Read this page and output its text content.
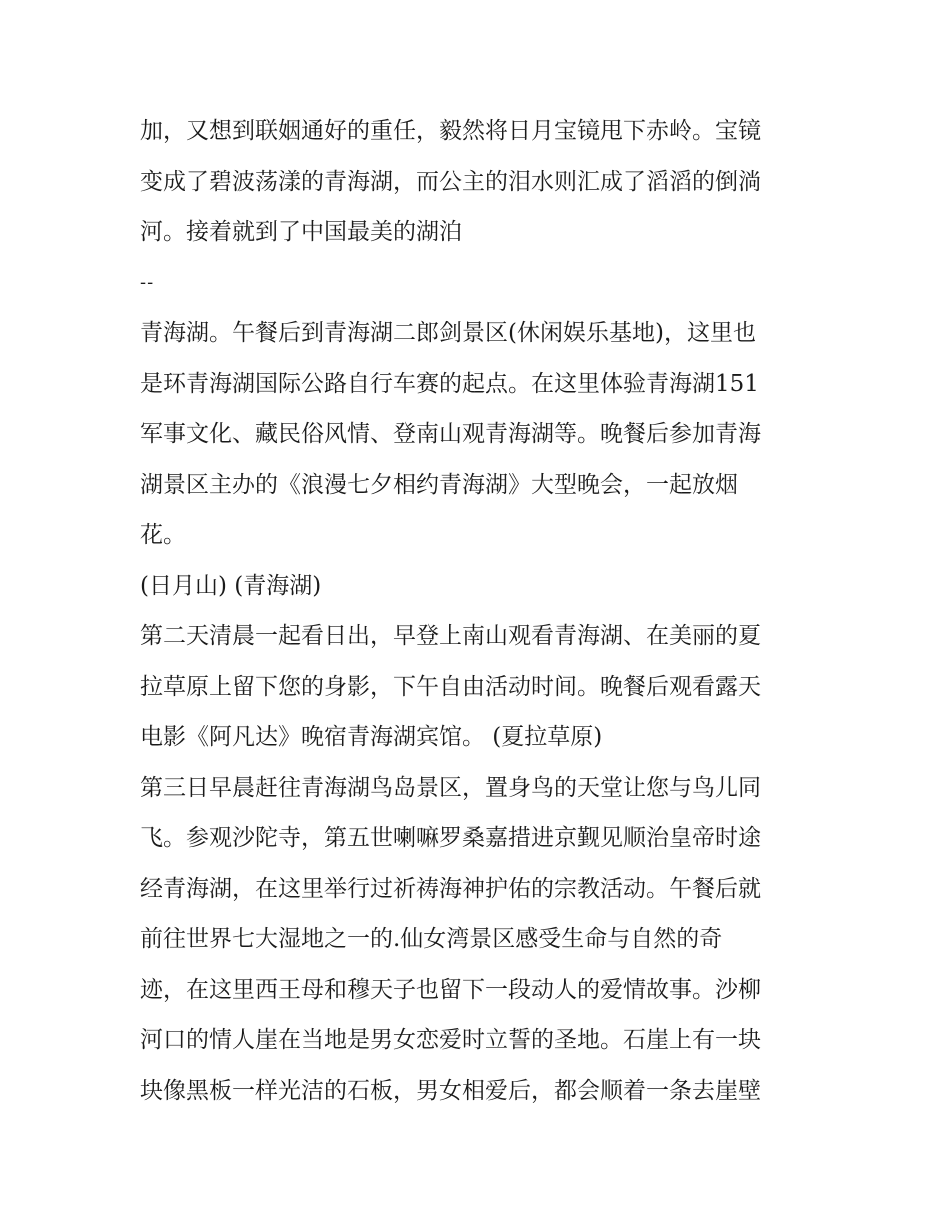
加，又想到联姻通好的重任，毅然将日月宝镜甩下赤岭。宝镜
变成了碧波荡漾的青海湖，而公主的泪水则汇成了滔滔的倒淌
河。接着就到了中国最美的湖泊
--
青海湖。午餐后到青海湖二郎剑景区(休闲娱乐基地)，这里也
是环青海湖国际公路自行车赛的起点。在这里体验青海湖151
军事文化、藏民俗风情、登南山观青海湖等。晚餐后参加青海
湖景区主办的《浪漫七夕相约青海湖》大型晚会，一起放烟
花。
(日月山) (青海湖)
第二天清晨一起看日出，早登上南山观看青海湖、在美丽的夏
拉草原上留下您的身影，下午自由活动时间。晚餐后观看露天
电影《阿凡达》晚宿青海湖宾馆。 (夏拉草原)
第三日早晨赶往青海湖鸟岛景区，置身鸟的天堂让您与鸟儿同
飞。参观沙陀寺，第五世喇嘛罗桑嘉措进京觐见顺治皇帝时途
经青海湖，在这里举行过祈祷海神护佑的宗教活动。午餐后就
前往世界七大湿地之一的.仙女湾景区感受生命与自然的奇
迹，在这里西王母和穆天子也留下一段动人的爱情故事。沙柳
河口的情人崖在当地是男女恋爱时立誓的圣地。石崖上有一块
块像黑板一样光洁的石板，男女相爱后，都会顺着一条去崖壁
